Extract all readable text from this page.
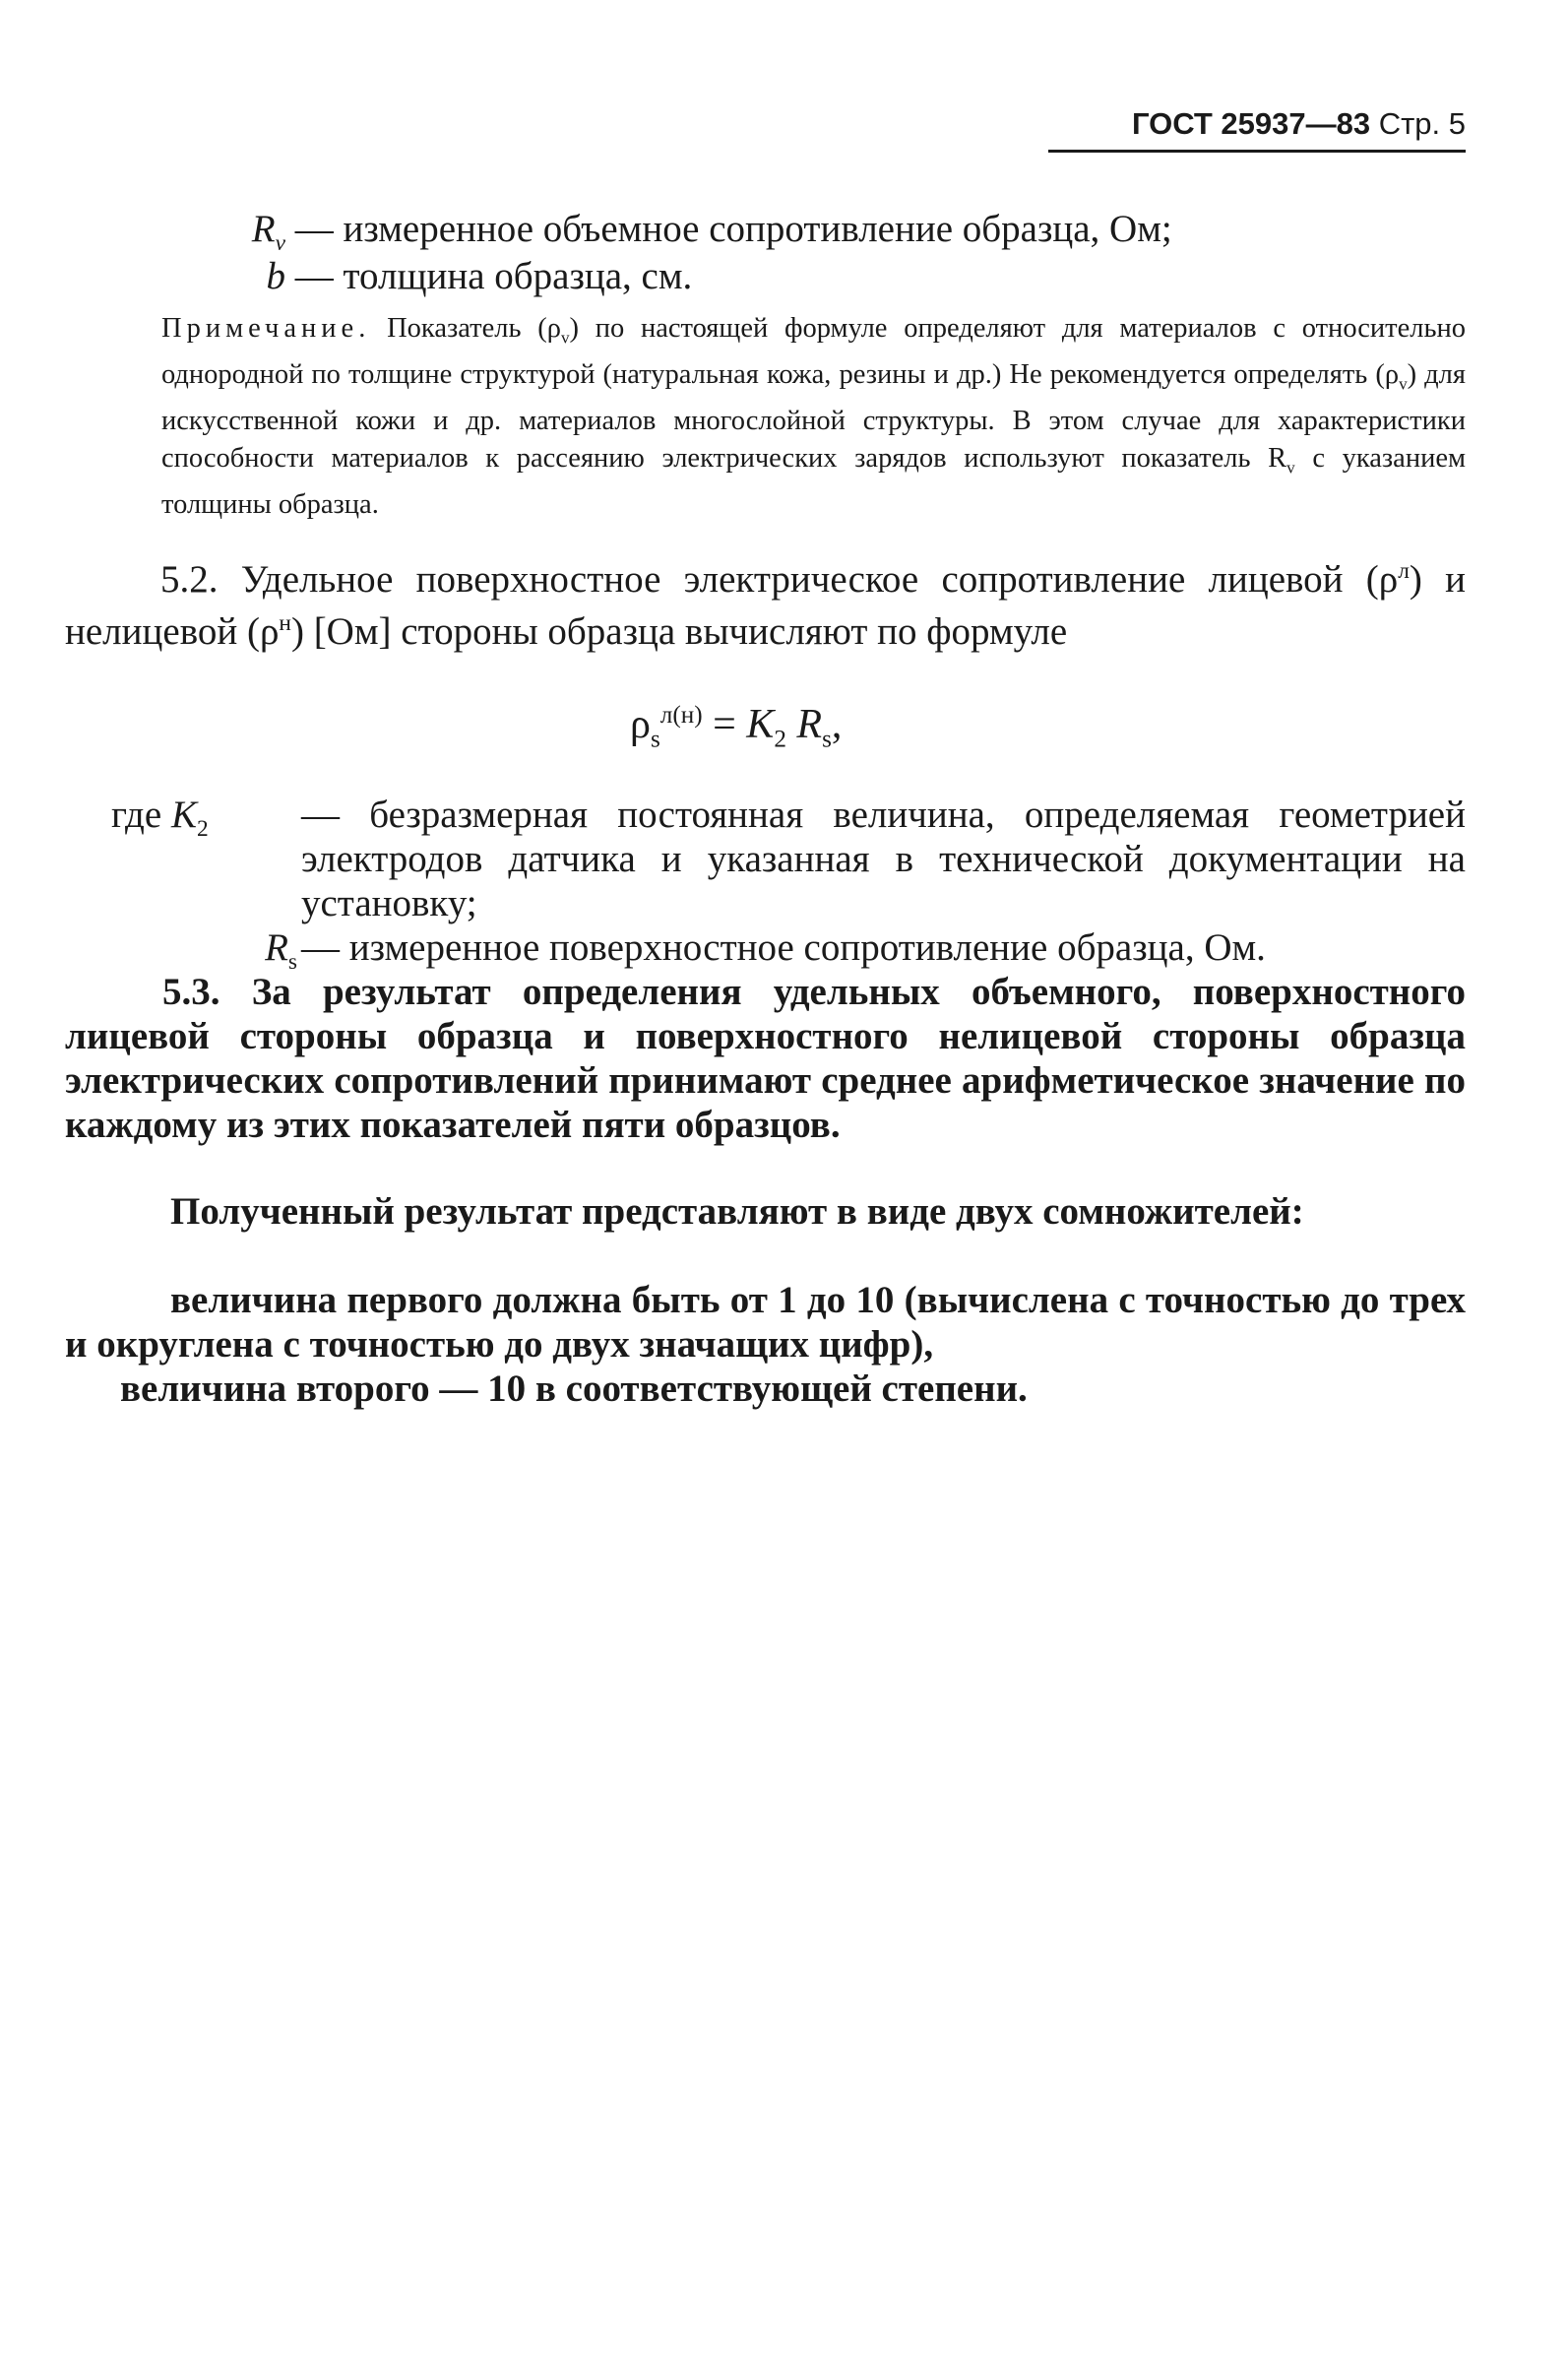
ГОСТ 25937—83 Стр. 5
$R_v$ — измеренное объемное сопротивление образца, Ом;
b — толщина образца, см.
Примечание. Показатель $(\rho_v)$ по настоящей формуле определяют для материалов с относительно однородной по толщине структурой (натуральная кожа, резины и др.) Не рекомендуется определять $(\rho_v)$ для искусственной кожи и др. материалов многослойной структуры. В этом случае для характеристики способности материалов к рассеянию электрических зарядов используют показатель $R_v$ с указанием толщины образца.
5.2. Удельное поверхностное электрическое сопротивление лицевой $(\rho^л)$ и нелицевой $(\rho^н)$ [Ом] стороны образца вычисляют по формуле
$\rho_s^{л(н)} = K_2$ $R_s$,
где $K_2$	— безразмерная постоянная величина, определяемая геометрией электродов датчика и указанная в технической документации на установку;
$R_s$ — измеренное поверхностное сопротивление образца, Ом.
5.3. За результат определения удельных объемного, поверхностного лицевой стороны образца и поверхностного нелицевой стороны образца электрических сопротивлений принимают среднее арифметическое значение по каждому из этих показателей пяти образцов.
Полученный результат представляют в виде двух сомножителей:
величина первого должна быть от 1 до 10 (вычислена с точностью до трех и округлена с точностью до двух значащих цифр),
величина второго — 10 в соответствующей степени.
